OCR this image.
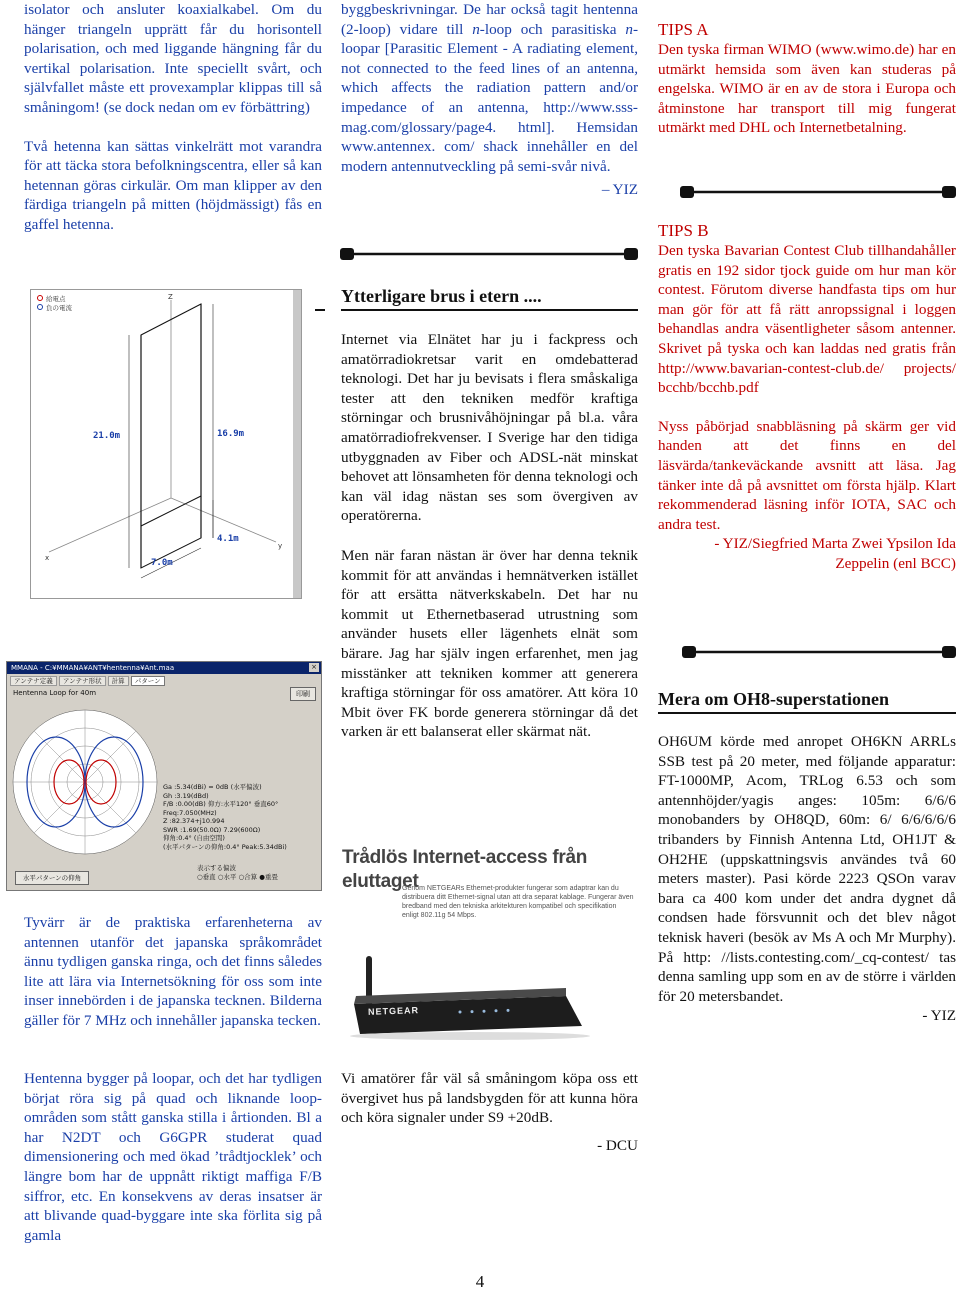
isolator och ansluter koaxialkabel. Om du hänger triangeln upprätt får du horisontell polarisation, och med liggande hängning får du vertikal polarisation. Inte speciellt svårt, och självfallet måste ett provexamplar klippas till så småningom! (se dock nedan om ev förbättring)

Två hetenna kan sättas vinkelrätt mot varandra för att täcka stora befolkningscentra, eller så kan hetennan göras cirkulär. Om man klipper av den färdiga triangeln på mitten (höjdmässigt) fås en gaffel hetenna.

給電点
負の電流
Z
x
y
21.0m	16.9m
4.1m
7.0m
MMANA - C:¥MMANA¥ANT¥hentenna¥Ant.maa	×
アンテナ定義 アンテナ形状 計算 パターン
Hentenna Loop for 40m	印刷
Ga :5.34(dBi) = 0dB (水平偏波)
Gh :3.19(dBd)
F/B :0.00(dB) 仰方:水平120° 垂直60°
Freq:7.050(MHz)
Z :82.374+j10.994
SWR :1.69(50.0Ω) 7.29(600Ω)
仰角:0.4° (自由空間)
(水平パターンの仰角:0.4° Peak:5.34dBi)
水平パターンの仰角
表示する偏波
○垂直 ○水平 ○合算 ●重畳

Tyvärr är de praktiska erfarenheterna av antennen utanför det japanska språkområdet ännu tydligen ganska ringa, och det finns således lite att lära via Internetsökning för oss som inte inser innebörden i de japanska tecknen. Bilderna gäller för 7 MHz och innehåller japanska tecken.

Hentenna bygger på loopar, och det har tydligen börjat röra sig på quad och liknande loop-områden som stått ganska stilla i årtionden. Bl a har N2DT och G6GPR studerat quad dimensionering och med ökad ’trådtjocklek’ och längre bom har de uppnått riktigt maffiga F/B siffror, etc. En konsekvens av deras insatser är att blivande quad-byggare inte ska förlita sig på gamla

byggbeskrivningar. De har också tagit hentenna (2-loop) vidare till n-loop och parasitiska n-loopar [Parasitic Element - A radiating element, not connected to the feed lines of an antenna, which affects the radiation pattern and/or impedance of an antenna, http://www.sss-mag.com/glossary/page4. html]. Hemsidan www.antennex. com/ shack innehåller en del modern antennutveckling på semi-svår nivå.

– YIZ
Ytterligare brus i etern ....

Internet via Elnätet har ju i fackpress och amatörradiokretsar varit en omdebatterad teknologi. Det har ju bevisats i flera småskaliga tester att den tekniken medför kraftiga störningar och brusnivåhöjningar på bl.a. våra amatörradiofrekvenser. I Sverige har den tidiga utbyggnaden av Fiber och ADSL-nät minskat behovet att lönsamheten för denna teknologi och kan väl idag nästan ses som övergiven av operatörerna.

Men när faran nästan är över har denna teknik kommit för att användas i hemnätverken istället för att ersätta nätverkskabeln. Det har nu kommit ut Ethernetbaserad utrustning som använder husets eller lägenhets elnät som bärare. Jag har själv ingen erfarenhet, men jag misstänker att tekniken kommer att generera kraftiga störningar för oss amatörer. Att köra 10 Mbit över FK borde generera störningar då det varken är ett balanserat eller skärmat nät.

Trådlös Internet-access från eluttaget
Genom NETGEARs Ethernet-produkter fungerar som adaptrar kan du distribuera ditt Ethernet-signal utan att dra separat kablage. Fungerar även bredband med den tekniska arkitekturen kompatibel och specifikation enligt 802.11g 54 Mbps.
NETGEAR

Vi amatörer får väl så småningom köpa oss ett övergivet hus på landsbygden för att kunna höra och köra signaler under S9 +20dB.

- DCU
TIPS A

Den tyska firman WIMO (www.wimo.de) har en utmärkt hemsida som även kan studeras på engelska. WIMO är en av de stora i Europa och åtminstone har transport till mig fungerat utmärkt med DHL och Internetbetalning.

TIPS B

Den tyska Bavarian Contest Club tillhandahåller gratis en 192 sidor tjock guide om hur man kör contest. Förutom diverse handfasta tips om hur man gör för att få rätt anropssignal i loggen behandlas andra väsentligheter såsom antenner. Skrivet på tyska och kan laddas ned gratis från http://www.bavarian-contest-club.de/ projects/ bcchb/bcchb.pdf

Nyss påbörjad snabbläsning på skärm ger vid handen att det finns en del läsvärda/tankeväckande avsnitt att läsa. Jag tänker inte då på avsnittet om första hjälp. Klart rekommenderad läsning inför IOTA, SAC och andra test.

- YIZ/Siegfried Marta Zwei Ypsilon Ida Zeppelin (enl BCC)
Mera om OH8-superstationen

OH6UM körde med anropet OH6KN ARRLs SSB test på 20 meter, med följande apparatur: FT-1000MP, Acom, TRLog 6.53 och som antennhöjder/yagis anges: 105m: 6/6/6 monobanders by OH8QD, 60m: 6/ 6/6/6/6/6 tribanders by Finnish Antenna Ltd, OH1JT & OH2HE (uppskattningsvis användes två 60 meters master). Pasi körde 2223 QSOn varav bara ca 400 kom under det andra dygnet då condsen hade försvunnit och det blev något teknisk haveri (besök av Ms A och Mr Murphy). På http: //lists.contesting.com/_cq-contest/ tas denna samling upp som en av de större i världen för 20 metersbandet.

- YIZ
4
